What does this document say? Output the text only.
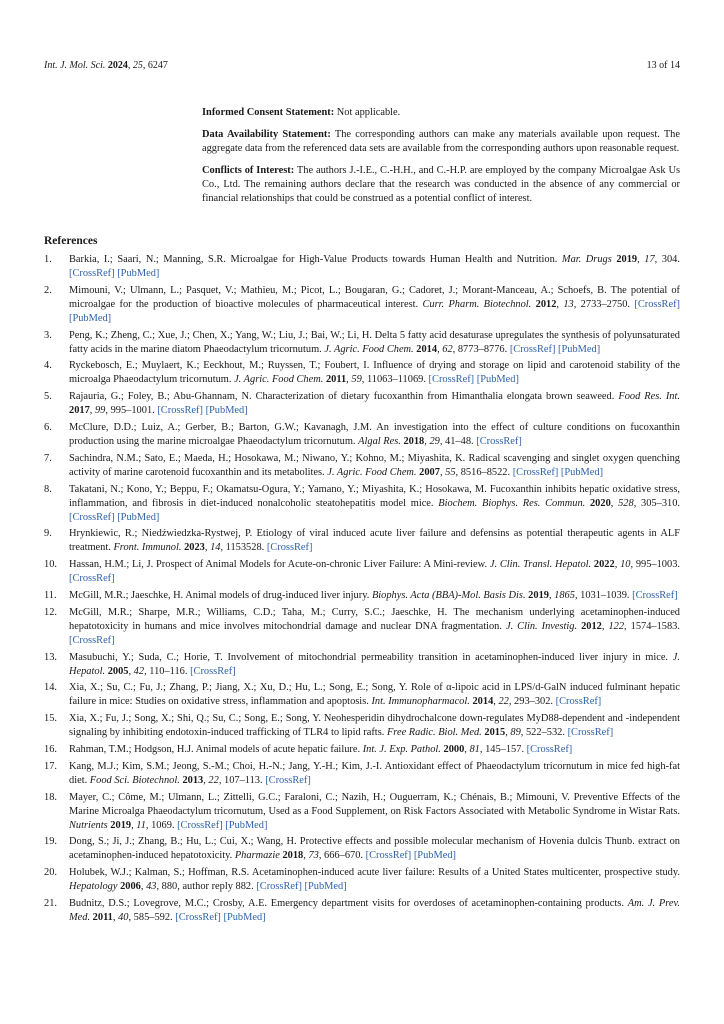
Int. J. Mol. Sci. 2024, 25, 6247	13 of 14

Informed Consent Statement: Not applicable.

Data Availability Statement: The corresponding authors can make any materials available upon request. The aggregate data from the referenced data sets are available from the corresponding authors upon reasonable request.

Conflicts of Interest: The authors J.-I.E., C.-H.H., and C.-H.P. are employed by the company Microalgae Ask Us Co., Ltd. The remaining authors declare that the research was conducted in the absence of any commercial or financial relationships that could be construed as a potential conflict of interest.

References
1.	Barkia, I.; Saari, N.; Manning, S.R. Microalgae for High-Value Products towards Human Health and Nutrition. Mar. Drugs 2019, 17, 304. [CrossRef] [PubMed]
2.	Mimouni, V.; Ulmann, L.; Pasquet, V.; Mathieu, M.; Picot, L.; Bougaran, G.; Cadoret, J.; Morant-Manceau, A.; Schoefs, B. The potential of microalgae for the production of bioactive molecules of pharmaceutical interest. Curr. Pharm. Biotechnol. 2012, 13, 2733–2750. [CrossRef] [PubMed]
3.	Peng, K.; Zheng, C.; Xue, J.; Chen, X.; Yang, W.; Liu, J.; Bai, W.; Li, H. Delta 5 fatty acid desaturase upregulates the synthesis of polyunsaturated fatty acids in the marine diatom Phaeodactylum tricornutum. J. Agric. Food Chem. 2014, 62, 8773–8776. [CrossRef] [PubMed]
4.	Ryckebosch, E.; Muylaert, K.; Eeckhout, M.; Ruyssen, T.; Foubert, I. Influence of drying and storage on lipid and carotenoid stability of the microalga Phaeodactylum tricornutum. J. Agric. Food Chem. 2011, 59, 11063–11069. [CrossRef] [PubMed]
5.	Rajauria, G.; Foley, B.; Abu-Ghannam, N. Characterization of dietary fucoxanthin from Himanthalia elongata brown seaweed. Food Res. Int. 2017, 99, 995–1001. [CrossRef] [PubMed]
6.	McClure, D.D.; Luiz, A.; Gerber, B.; Barton, G.W.; Kavanagh, J.M. An investigation into the effect of culture conditions on fucoxanthin production using the marine microalgae Phaeodactylum tricornutum. Algal Res. 2018, 29, 41–48. [CrossRef]
7.	Sachindra, N.M.; Sato, E.; Maeda, H.; Hosokawa, M.; Niwano, Y.; Kohno, M.; Miyashita, K. Radical scavenging and singlet oxygen quenching activity of marine carotenoid fucoxanthin and its metabolites. J. Agric. Food Chem. 2007, 55, 8516–8522. [CrossRef] [PubMed]
8.	Takatani, N.; Kono, Y.; Beppu, F.; Okamatsu-Ogura, Y.; Yamano, Y.; Miyashita, K.; Hosokawa, M. Fucoxanthin inhibits hepatic oxidative stress, inflammation, and fibrosis in diet-induced nonalcoholic steatohepatitis model mice. Biochem. Biophys. Res. Commun. 2020, 528, 305–310. [CrossRef] [PubMed]
9.	Hrynkiewic, R.; Niedźwiedzka-Rystwej, P. Etiology of viral induced acute liver failure and defensins as potential therapeutic agents in ALF treatment. Front. Immunol. 2023, 14, 1153528. [CrossRef]
10.	Hassan, H.M.; Li, J. Prospect of Animal Models for Acute-on-chronic Liver Failure: A Mini-review. J. Clin. Transl. Hepatol. 2022, 10, 995–1003. [CrossRef]
11.	McGill, M.R.; Jaeschke, H. Animal models of drug-induced liver injury. Biophys. Acta (BBA)-Mol. Basis Dis. 2019, 1865, 1031–1039. [CrossRef]
12.	McGill, M.R.; Sharpe, M.R.; Williams, C.D.; Taha, M.; Curry, S.C.; Jaeschke, H. The mechanism underlying acetaminophen-induced hepatotoxicity in humans and mice involves mitochondrial damage and nuclear DNA fragmentation. J. Clin. Investig. 2012, 122, 1574–1583. [CrossRef]
13.	Masubuchi, Y.; Suda, C.; Horie, T. Involvement of mitochondrial permeability transition in acetaminophen-induced liver injury in mice. J. Hepatol. 2005, 42, 110–116. [CrossRef]
14.	Xia, X.; Su, C.; Fu, J.; Zhang, P.; Jiang, X.; Xu, D.; Hu, L.; Song, E.; Song, Y. Role of α-lipoic acid in LPS/d-GalN induced fulminant hepatic failure in mice: Studies on oxidative stress, inflammation and apoptosis. Int. Immunopharmacol. 2014, 22, 293–302. [CrossRef]
15.	Xia, X.; Fu, J.; Song, X.; Shi, Q.; Su, C.; Song, E.; Song, Y. Neohesperidin dihydrochalcone down-regulates MyD88-dependent and -independent signaling by inhibiting endotoxin-induced trafficking of TLR4 to lipid rafts. Free Radic. Biol. Med. 2015, 89, 522–532. [CrossRef]
16.	Rahman, T.M.; Hodgson, H.J. Animal models of acute hepatic failure. Int. J. Exp. Pathol. 2000, 81, 145–157. [CrossRef]
17.	Kang, M.J.; Kim, S.M.; Jeong, S.-M.; Choi, H.-N.; Jang, Y.-H.; Kim, J.-I. Antioxidant effect of Phaeodactylum tricornutum in mice fed high-fat diet. Food Sci. Biotechnol. 2013, 22, 107–113. [CrossRef]
18.	Mayer, C.; Côme, M.; Ulmann, L.; Zittelli, G.C.; Faraloni, C.; Nazih, H.; Ouguerram, K.; Chénais, B.; Mimouni, V. Preventive Effects of the Marine Microalga Phaeodactylum tricornutum, Used as a Food Supplement, on Risk Factors Associated with Metabolic Syndrome in Wistar Rats. Nutrients 2019, 11, 1069. [CrossRef] [PubMed]
19.	Dong, S.; Ji, J.; Zhang, B.; Hu, L.; Cui, X.; Wang, H. Protective effects and possible molecular mechanism of Hovenia dulcis Thunb. extract on acetaminophen-induced hepatotoxicity. Pharmazie 2018, 73, 666–670. [CrossRef] [PubMed]
20.	Holubek, W.J.; Kalman, S.; Hoffman, R.S. Acetaminophen-induced acute liver failure: Results of a United States multicenter, prospective study. Hepatology 2006, 43, 880, author reply 882. [CrossRef] [PubMed]
21.	Budnitz, D.S.; Lovegrove, M.C.; Crosby, A.E. Emergency department visits for overdoses of acetaminophen-containing products. Am. J. Prev. Med. 2011, 40, 585–592. [CrossRef] [PubMed]
